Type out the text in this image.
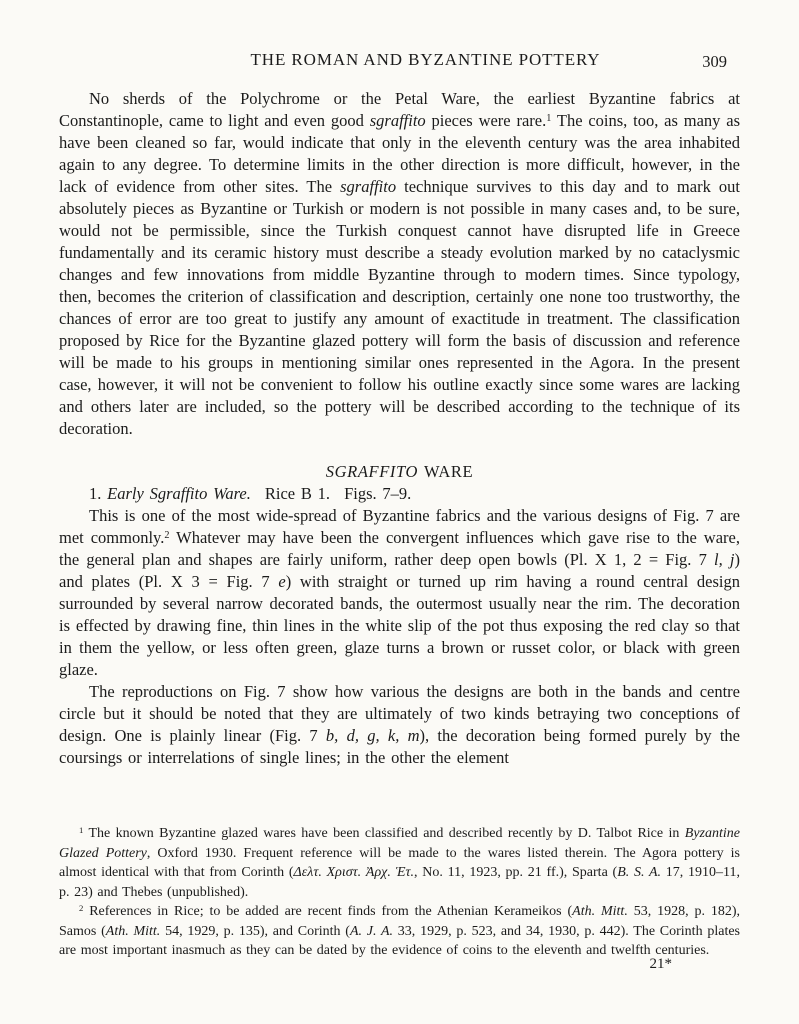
THE ROMAN AND BYZANTINE POTTERY	309

No sherds of the Polychrome or the Petal Ware, the earliest Byzantine fabrics at Constantinople, came to light and even good sgraffito pieces were rare.$^1$ The coins, too, as many as have been cleaned so far, would indicate that only in the eleventh century was the area inhabited again to any degree. To determine limits in the other direction is more difficult, however, in the lack of evidence from other sites. The sgraffito technique survives to this day and to mark out absolutely pieces as Byzantine or Turkish or modern is not possible in many cases and, to be sure, would not be permissible, since the Turkish conquest cannot have disrupted life in Greece fundamentally and its ceramic history must describe a steady evolution marked by no cataclysmic changes and few innovations from middle Byzantine through to modern times. Since typology, then, becomes the criterion of classification and description, certainly one none too trustworthy, the chances of error are too great to justify any amount of exactitude in treatment. The classification proposed by Rice for the Byzantine glazed pottery will form the basis of discussion and reference will be made to his groups in mentioning similar ones represented in the Agora. In the present case, however, it will not be convenient to follow his outline exactly since some wares are lacking and others later are included, so the pottery will be described according to the technique of its decoration.

SGRAFFITO WARE

1. Early Sgraffito Ware.  Rice B 1.  Figs. 7–9.

This is one of the most wide-spread of Byzantine fabrics and the various designs of Fig. 7 are met commonly.$^2$ Whatever may have been the convergent influences which gave rise to the ware, the general plan and shapes are fairly uniform, rather deep open bowls (Pl. X 1, 2 = Fig. 7 l, j) and plates (Pl. X 3 = Fig. 7 e) with straight or turned up rim having a round central design surrounded by several narrow decorated bands, the outermost usually near the rim. The decoration is effected by drawing fine, thin lines in the white slip of the pot thus exposing the red clay so that in them the yellow, or less often green, glaze turns a brown or russet color, or black with green glaze.

The reproductions on Fig. 7 show how various the designs are both in the bands and centre circle but it should be noted that they are ultimately of two kinds betraying two conceptions of design. One is plainly linear (Fig. 7 b, d, g, k, m), the decoration being formed purely by the coursings or interrelations of single lines; in the other the element

$^1$ The known Byzantine glazed wares have been classified and described recently by D. Talbot Rice in Byzantine Glazed Pottery, Oxford 1930. Frequent reference will be made to the wares listed therein. The Agora pottery is almost identical with that from Corinth (Δελτ. Χριστ. Ἀρχ. Ἑτ., No. 11, 1923, pp. 21 ff.), Sparta (B. S. A. 17, 1910–11, p. 23) and Thebes (unpublished).

$^2$ References in Rice; to be added are recent finds from the Athenian Kerameikos (Ath. Mitt. 53, 1928, p. 182), Samos (Ath. Mitt. 54, 1929, p. 135), and Corinth (A. J. A. 33, 1929, p. 523, and 34, 1930, p. 442). The Corinth plates are most important inasmuch as they can be dated by the evidence of coins to the eleventh and twelfth centuries.

21*
